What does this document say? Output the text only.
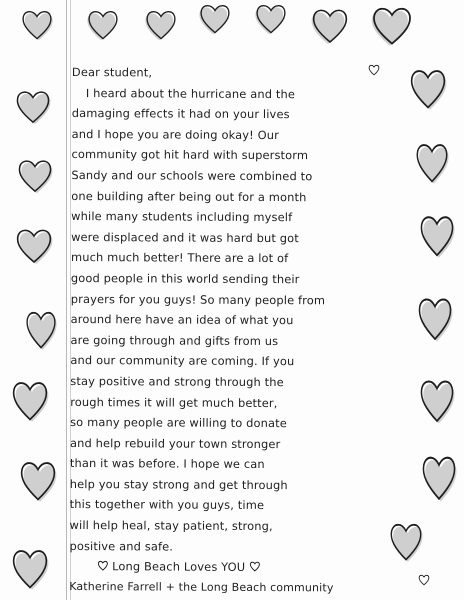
Dear student,
I heard about the hurricane and the
damaging effects it had on your lives
and I hope you are doing okay! Our
community got hit hard with superstorm
Sandy and our schools were combined to
one building after being out for a month
while many students including myself
were displaced and it was hard but got
much much better! There are a lot of
good people in this world sending their
prayers for you guys! So many people from
around here have an idea of what you
are going through and gifts from us
and our community are coming. If you
stay positive and strong through the
rough times it will get much better,
so many people are willing to donate
and help rebuild your town stronger
than it was before. I hope we can
help you stay strong and get through
this together with you guys, time
will help heal, stay patient, strong,
positive and safe.
Long Beach Loves YOU
Katherine Farrell + the Long Beach community
